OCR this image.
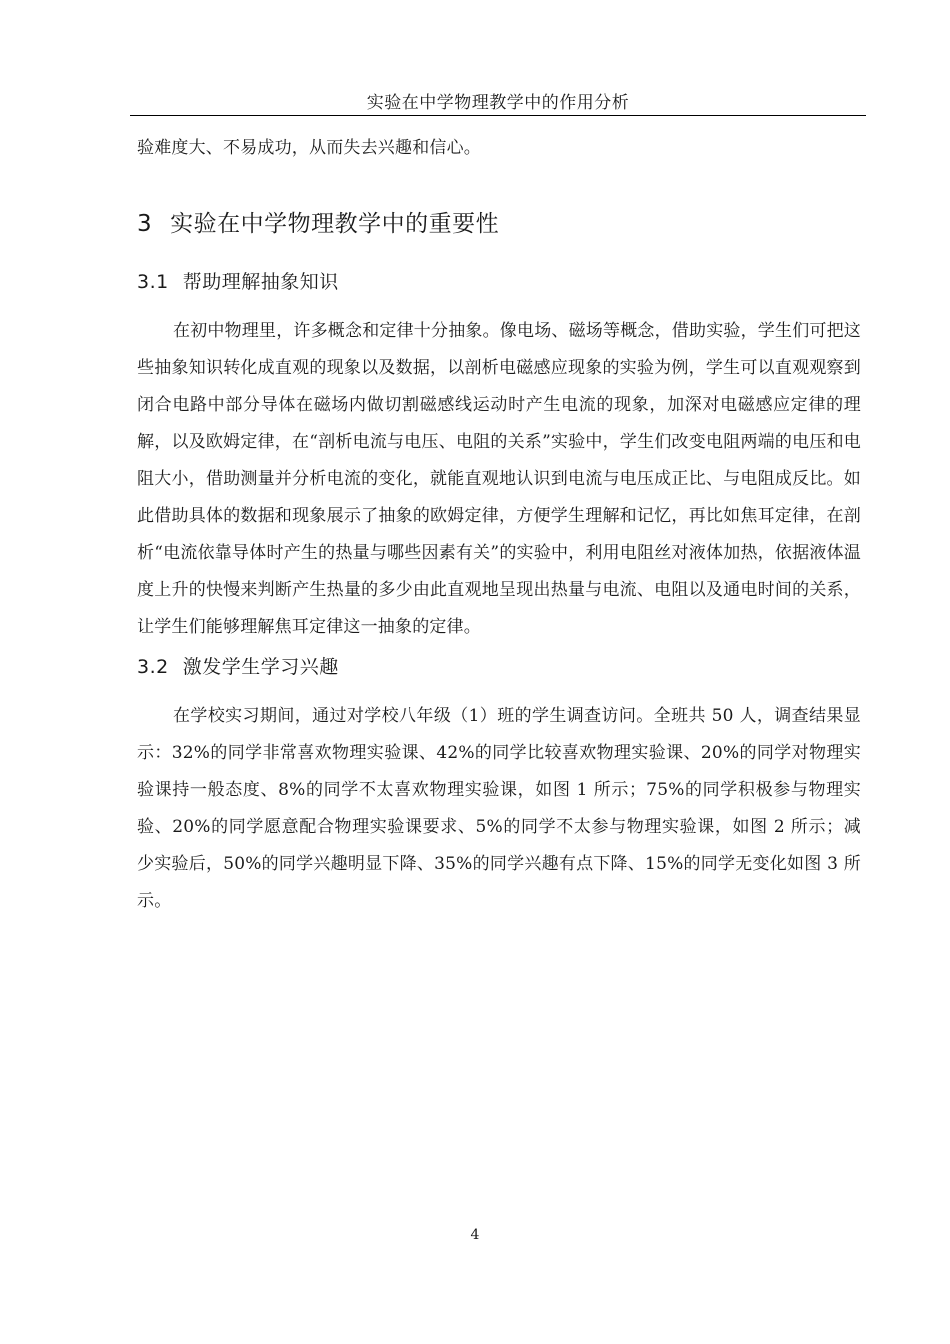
实验在中学物理教学中的作用分析

验难度大、不易成功，从而失去兴趣和信心。

3 实验在中学物理教学中的重要性
3.1 帮助理解抽象知识

在初中物理里，许多概念和定律十分抽象。像电场、磁场等概念，借助实验，学生们可把这些抽象知识转化成直观的现象以及数据，以剖析电磁感应现象的实验为例，学生可以直观观察到闭合电路中部分导体在磁场内做切割磁感线运动时产生电流的现象，加深对电磁感应定律的理解，以及欧姆定律，在“剖析电流与电压、电阻的关系”实验中，学生们改变电阻两端的电压和电阻大小，借助测量并分析电流的变化，就能直观地认识到电流与电压成正比、与电阻成反比。如此借助具体的数据和现象展示了抽象的欧姆定律，方便学生理解和记忆，再比如焦耳定律，在剖析“电流依靠导体时产生的热量与哪些因素有关”的实验中，利用电阻丝对液体加热，依据液体温度上升的快慢来判断产生热量的多少由此直观地呈现出热量与电流、电阻以及通电时间的关系，让学生们能够理解焦耳定律这一抽象的定律。

3.2 激发学生学习兴趣

在学校实习期间，通过对学校八年级（1）班的学生调查访问。全班共 50 人，调查结果显示：32%的同学非常喜欢物理实验课、42%的同学比较喜欢物理实验课、20%的同学对物理实验课持一般态度、8%的同学不太喜欢物理实验课，如图 1 所示；75%的同学积极参与物理实验、20%的同学愿意配合物理实验课要求、5%的同学不太参与物理实验课，如图 2 所示；减少实验后，50%的同学兴趣明显下降、35%的同学兴趣有点下降、15%的同学无变化如图 3 所示。

4
